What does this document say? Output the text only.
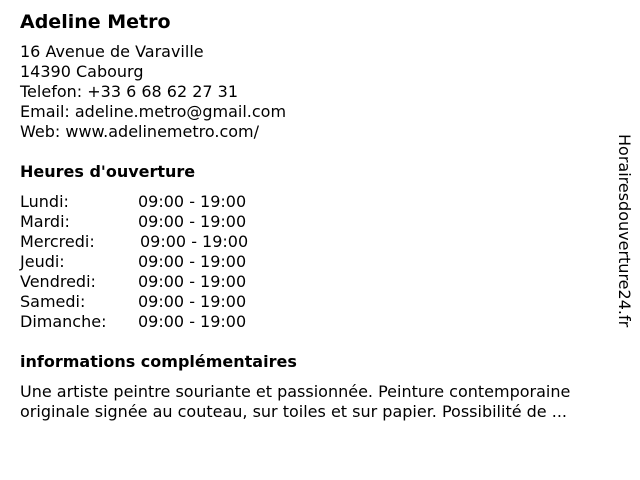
Adeline Metro
16 Avenue de Varaville
14390 Cabourg
Telefon: +33 6 68 62 27 31
Email: adeline.metro@gmail.com
Web: www.adelinemetro.com/
Heures d'ouverture
Lundi:	09:00 - 19:00
Mardi:	09:00 - 19:00
Mercredi:	09:00 - 19:00
Jeudi:	09:00 - 19:00
Vendredi:	09:00 - 19:00
Samedi:	09:00 - 19:00
Dimanche: 09:00 - 19:00
informations complémentaires
Une artiste peintre souriante et passionnée. Peinture contemporaine
originale signée au couteau, sur toiles et sur papier. Possibilité de ...
Horairesdouverture24.fr
